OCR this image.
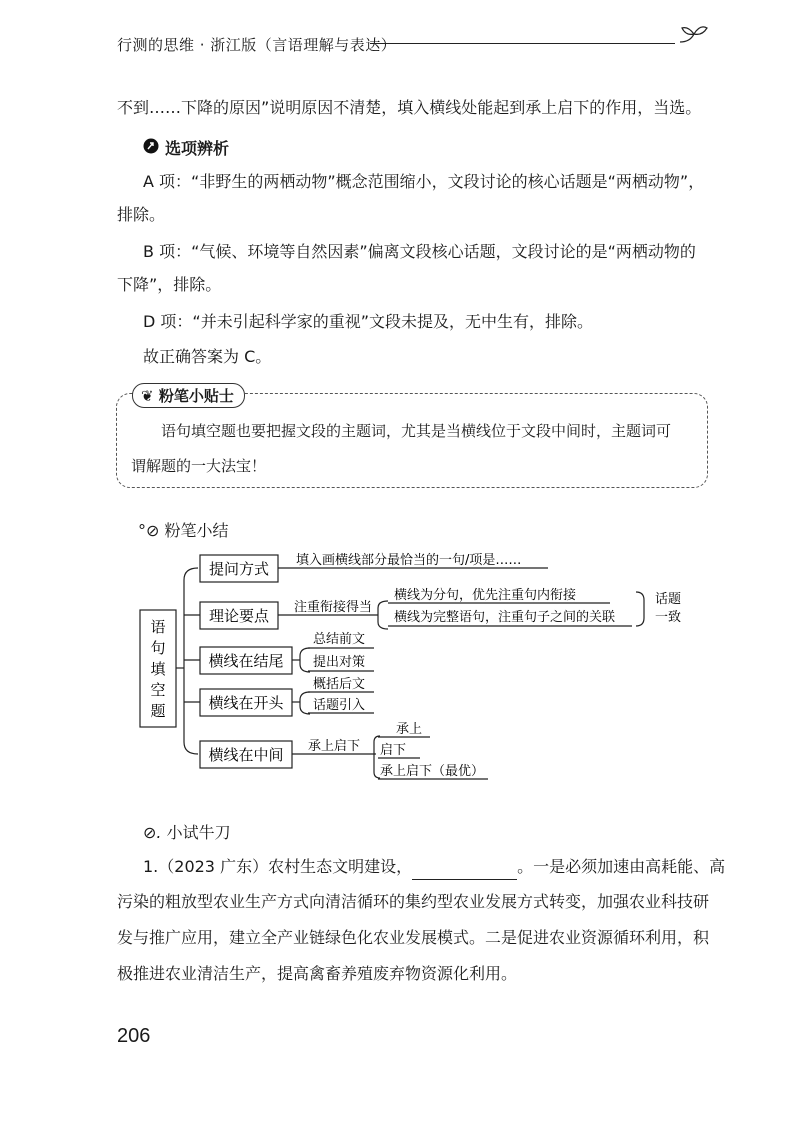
行测的思维 · 浙江版（言语理解与表达）
不到……下降的原因”说明原因不清楚，填入横线处能起到承上启下的作用，当选。
选项辨析
A 项：“非野生的两栖动物”概念范围缩小，文段讨论的核心话题是“两栖动物”，
排除。
B 项：“气候、环境等自然因素”偏离文段核心话题，文段讨论的是“两栖动物的
下降”，排除。
D 项：“并未引起科学家的重视”文段未提及，无中生有，排除。
故正确答案为 C。
❦ 粉笔小贴士
语句填空题也要把握文段的主题词，尤其是当横线位于文段中间时，主题词可
谓解题的一大法宝！
°⊘ 粉笔小结
语
句
填
空
题
提问方式
理论要点
横线在结尾
横线在开头
横线在中间
填入画横线部分最恰当的一句/项是……
注重衔接得当
横线为分句，优先注重句内衔接
横线为完整语句，注重句子之间的关联
话题
一致
总结前文
提出对策
概括后文
话题引入
承上启下
承上
启下
承上启下（最优）
⊘. 小试牛刀
1.（2023 广东）农村生态文明建设，	。一是必须加速由高耗能、高
污染的粗放型农业生产方式向清洁循环的集约型农业发展方式转变，加强农业科技研
发与推广应用，建立全产业链绿色化农业发展模式。二是促进农业资源循环利用，积
极推进农业清洁生产，提高禽畜养殖废弃物资源化利用。
206
